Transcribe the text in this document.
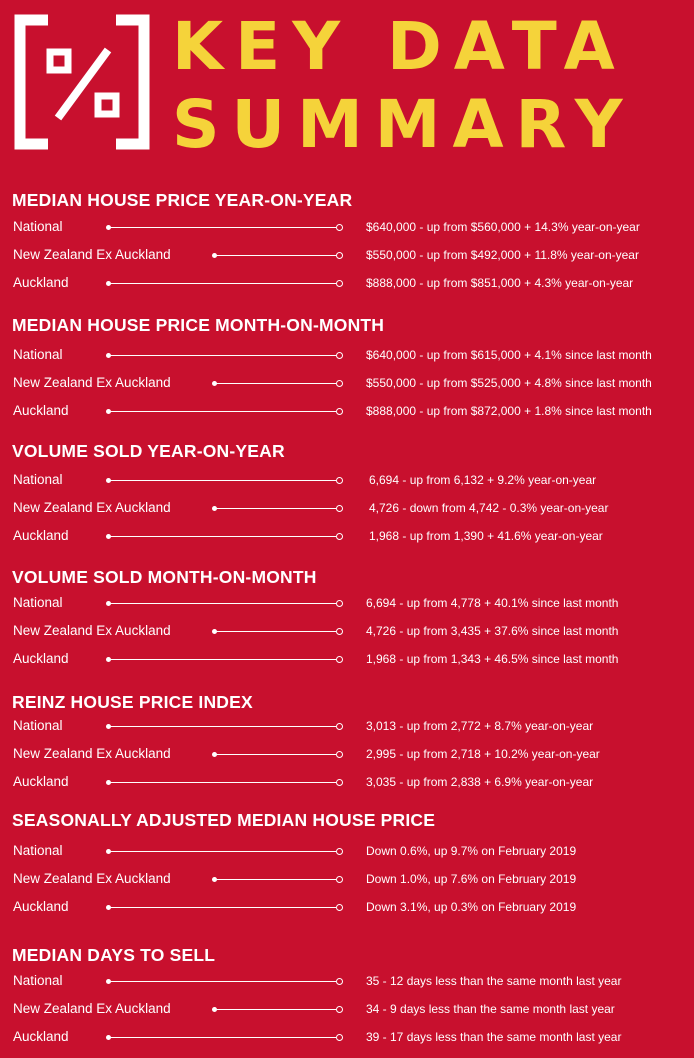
KEY DATA
SUMMARY
MEDIAN HOUSE PRICE YEAR-ON-YEAR
National	$640,000 - up from $560,000 + 14.3% year-on-year
New Zealand Ex Auckland	$550,000 - up from $492,000 + 11.8% year-on-year
Auckland	$888,000 - up from $851,000 + 4.3% year-on-year
MEDIAN HOUSE PRICE MONTH-ON-MONTH
National	$640,000 - up from $615,000 + 4.1% since last month
New Zealand Ex Auckland	$550,000 - up from $525,000 + 4.8% since last month
Auckland	$888,000 - up from $872,000 + 1.8% since last month
VOLUME SOLD YEAR-ON-YEAR
National	6,694 - up from 6,132 + 9.2% year-on-year
New Zealand Ex Auckland	4,726 - down from 4,742 - 0.3% year-on-year
Auckland	1,968 - up from 1,390 + 41.6% year-on-year
VOLUME SOLD MONTH-ON-MONTH
National	6,694 - up from 4,778 + 40.1% since last month
New Zealand Ex Auckland	4,726 - up from 3,435 + 37.6% since last month
Auckland	1,968 - up from 1,343 + 46.5% since last month
REINZ HOUSE PRICE INDEX
National	3,013 - up from 2,772 + 8.7% year-on-year
New Zealand Ex Auckland	2,995 - up from 2,718 + 10.2% year-on-year
Auckland	3,035 - up from 2,838 + 6.9% year-on-year
SEASONALLY ADJUSTED MEDIAN HOUSE PRICE
National	Down 0.6%, up 9.7% on February 2019
New Zealand Ex Auckland	Down 1.0%, up 7.6% on February 2019
Auckland	Down 3.1%, up 0.3% on February 2019
MEDIAN DAYS TO SELL
National	35 - 12 days less than the same month last year
New Zealand Ex Auckland	34 - 9 days less than the same month last year
Auckland	39 - 17 days less than the same month last year
